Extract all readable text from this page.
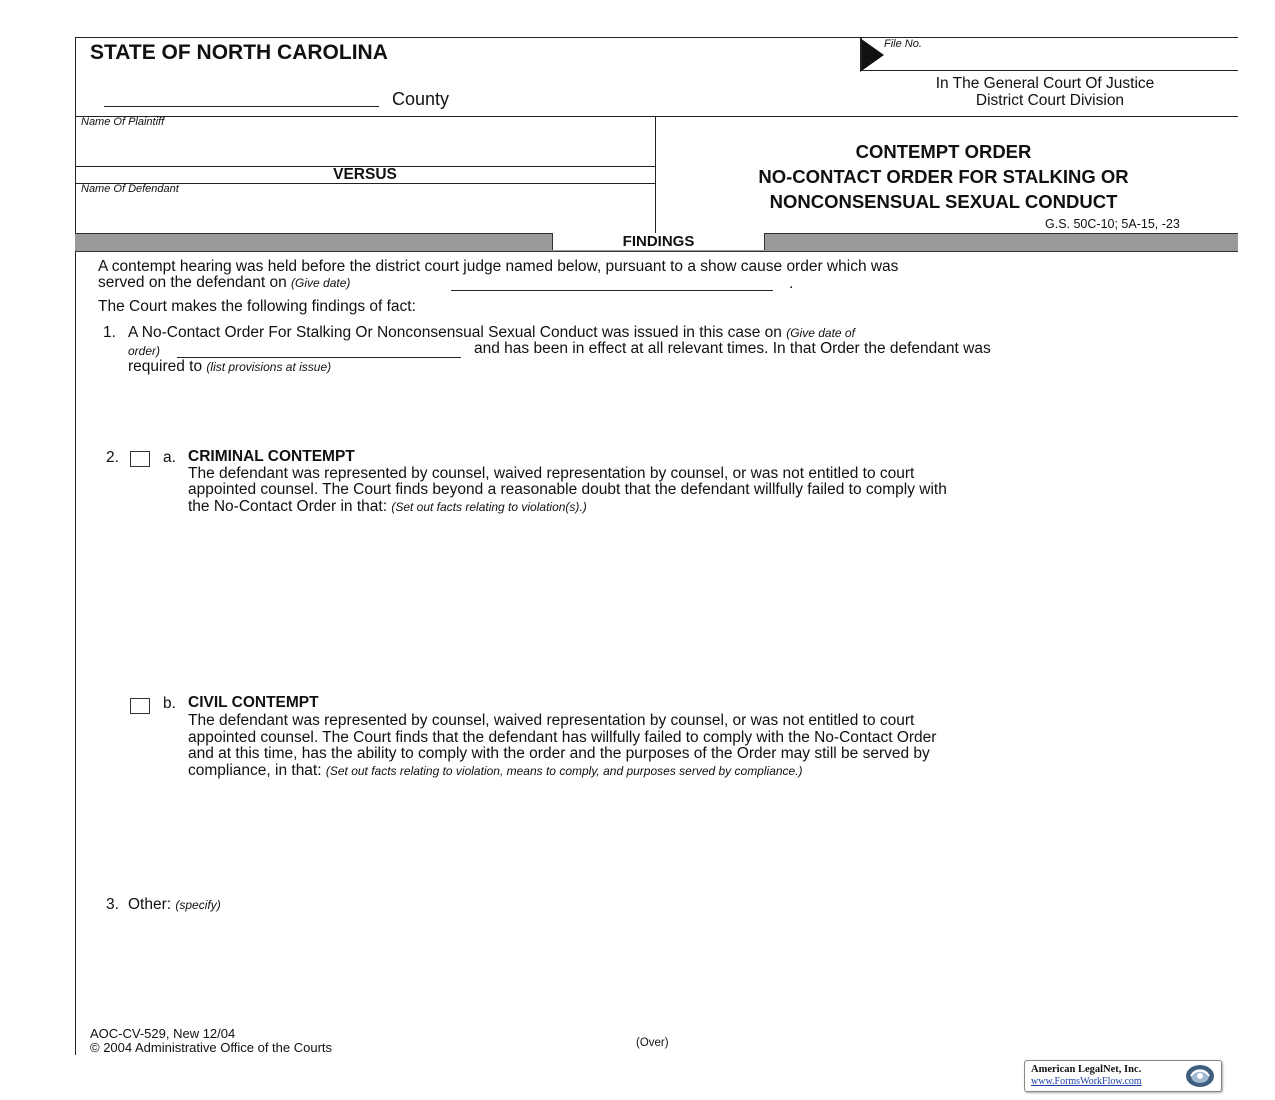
STATE OF NORTH CAROLINA
County
File No.
In The General Court Of Justice
District Court Division
Name Of Plaintiff
VERSUS
Name Of Defendant
CONTEMPT ORDER
NO-CONTACT ORDER FOR STALKING OR
NONCONSENSUAL SEXUAL CONDUCT
G.S. 50C-10; 5A-15, -23
FINDINGS
A contempt hearing was held before the district court judge named below, pursuant to a show cause order which was
served on the defendant on (Give date)	.
The Court makes the following findings of fact:
1. A No-Contact Order For Stalking Or Nonconsensual Sexual Conduct was issued in this case on (Give date of
order)	and has been in effect at all relevant times. In that Order the defendant was
required to (list provisions at issue)
2.	a. CRIMINAL CONTEMPT
The defendant was represented by counsel, waived representation by counsel, or was not entitled to court
appointed counsel. The Court finds beyond a reasonable doubt that the defendant willfully failed to comply with
the No-Contact Order in that: (Set out facts relating to violation(s).)
b. CIVIL CONTEMPT
The defendant was represented by counsel, waived representation by counsel, or was not entitled to court
appointed counsel. The Court finds that the defendant has willfully failed to comply with the No-Contact Order
and at this time, has the ability to comply with the order and the purposes of the Order may still be served by
compliance, in that: (Set out facts relating to violation, means to comply, and purposes served by compliance.)
3. Other: (specify)
AOC-CV-529, New 12/04
© 2004 Administrative Office of the Courts	(Over)
American LegalNet, Inc.
www.FormsWorkFlow.com
